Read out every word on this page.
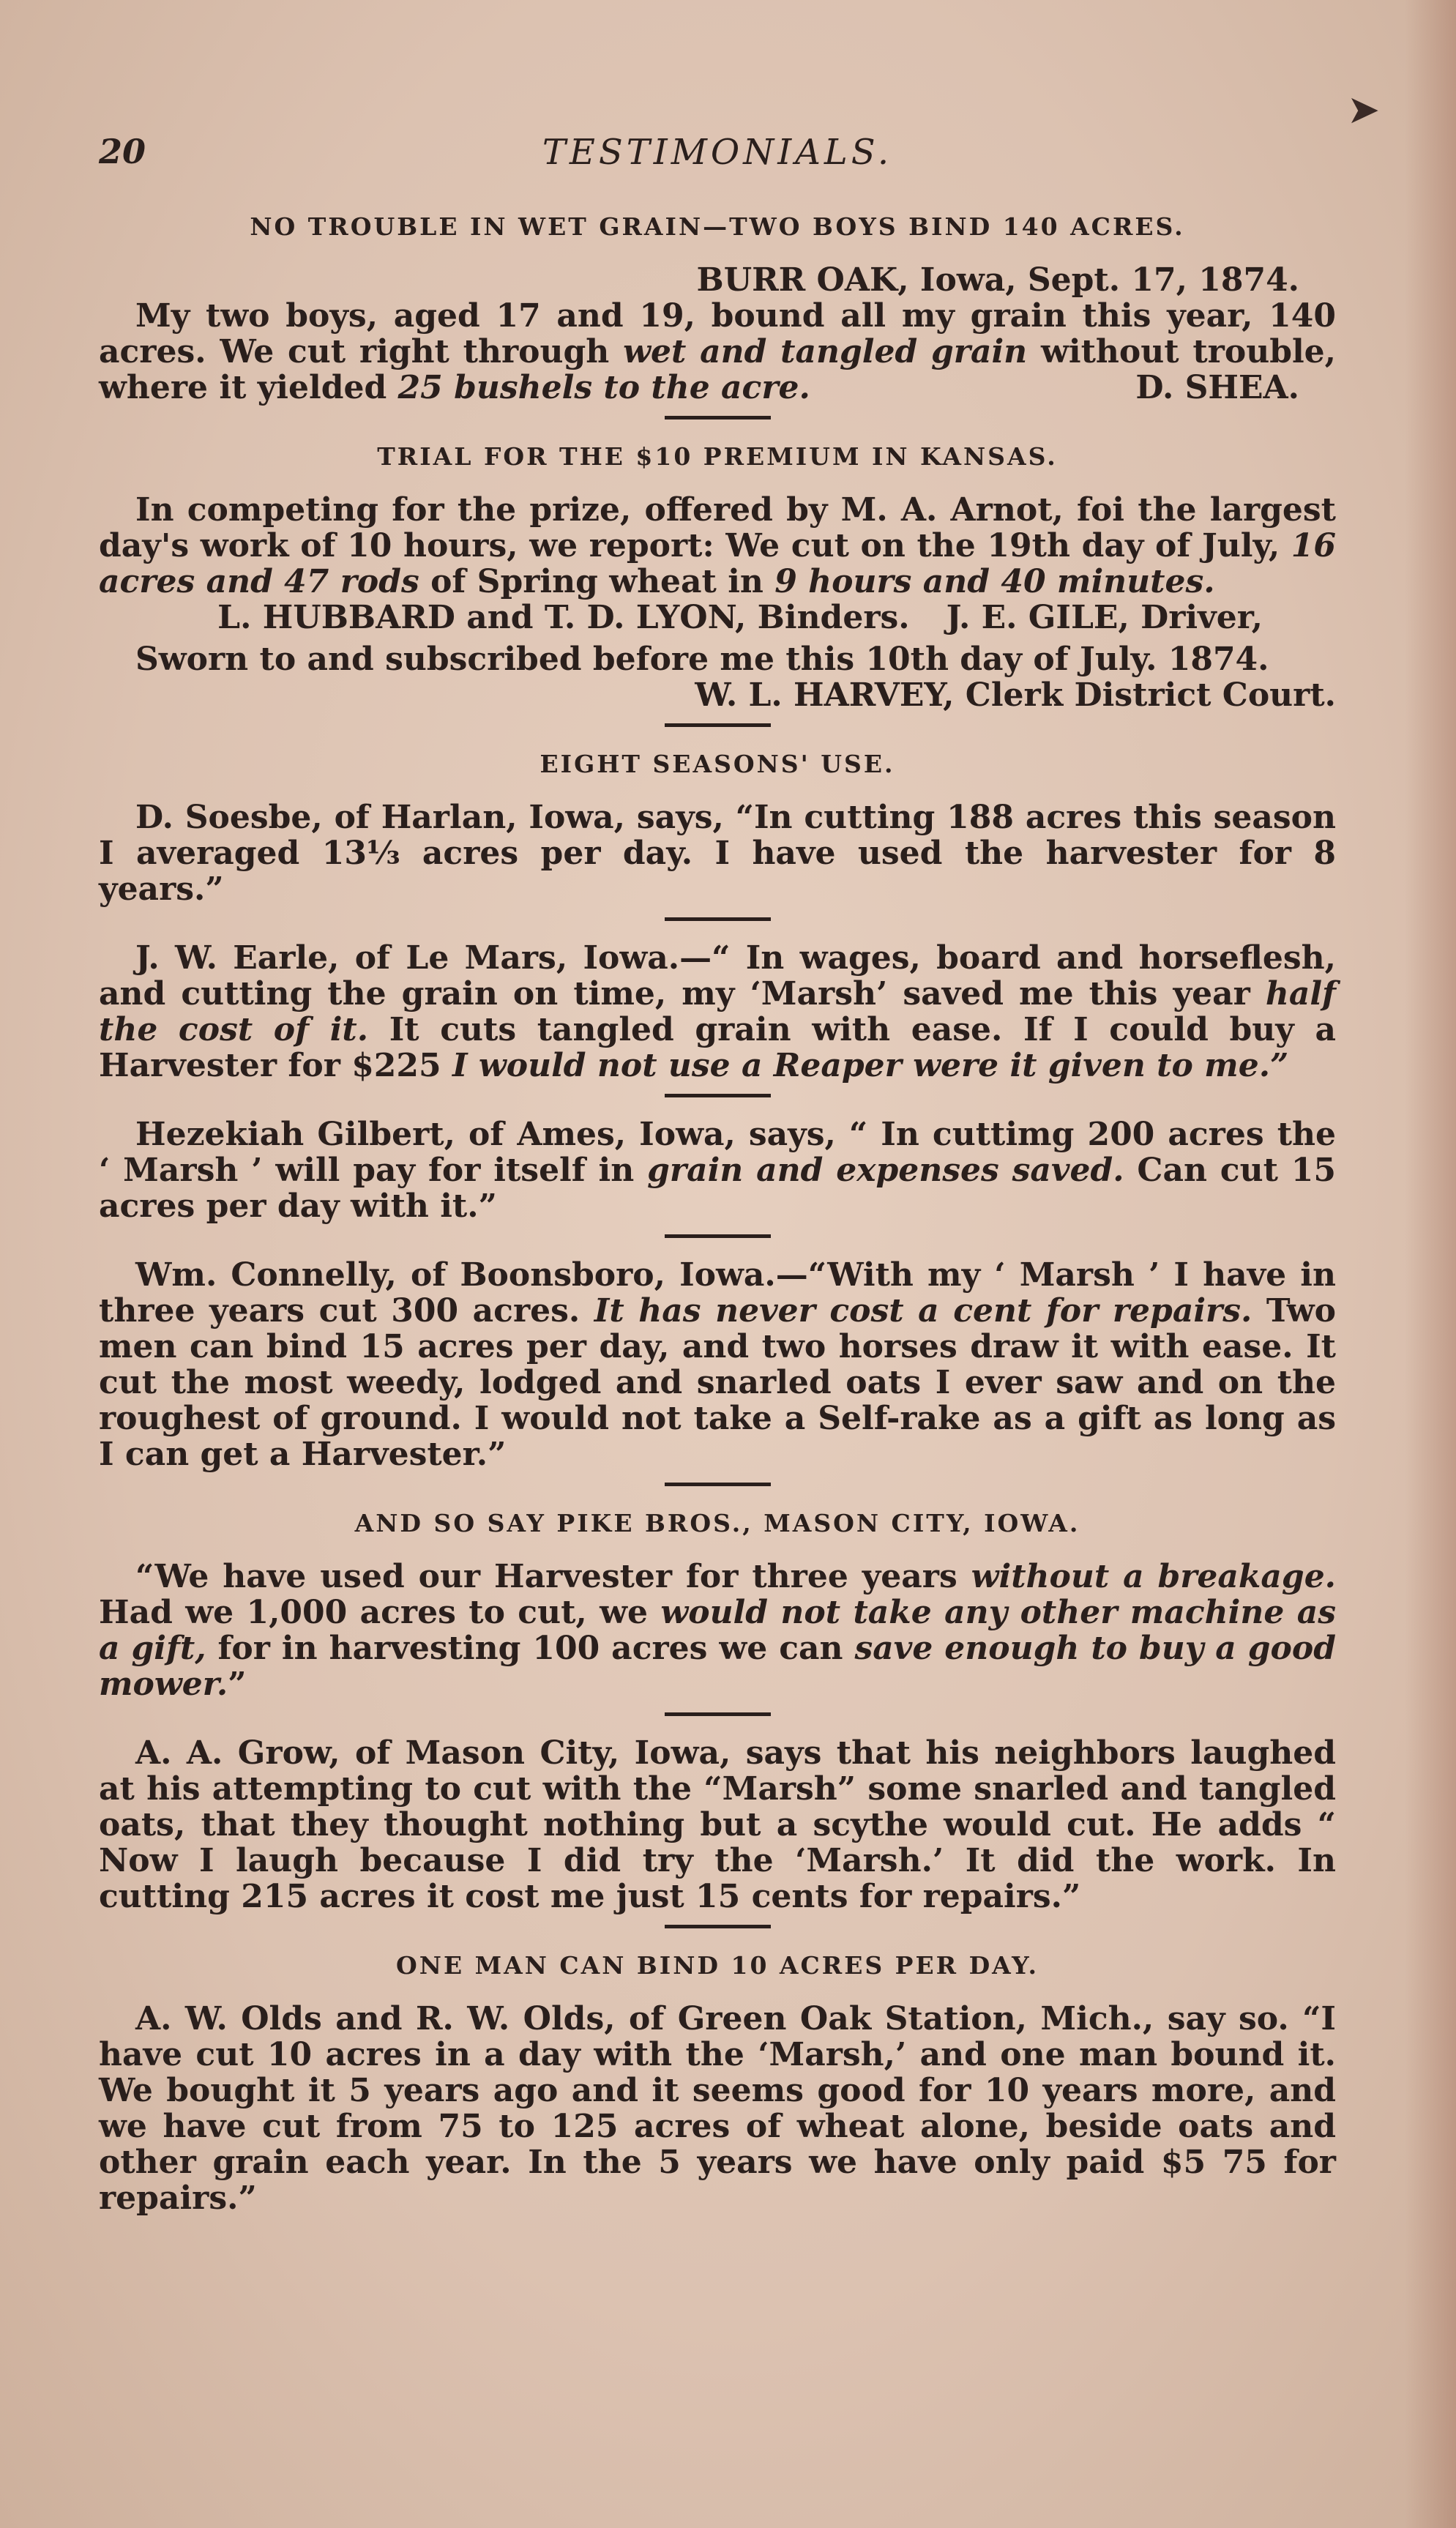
➤
20	TESTIMONIALS.
NO TROUBLE IN WET GRAIN—TWO BOYS BIND 140 ACRES.

BURR OAK, Iowa, Sept. 17, 1874.

My two boys, aged 17 and 19, bound all my grain this year, 140 acres. We cut right through wet and tangled grain without trouble, where it yielded 25 bushels to the acre.	D. SHEA.

TRIAL FOR THE $10 PREMIUM IN KANSAS.

In competing for the prize, offered by M. A. Arnot, foi the largest day's work of 10 hours, we report: We cut on the 19th day of July, 16 acres and 47 rods of Spring wheat in 9 hours and 40 minutes.
J. E. GILE, Driver,

L. HUBBARD and T. D. LYON, Binders.

Sworn to and subscribed before me this 10th day of July. 1874.

W. L. HARVEY, Clerk District Court.

EIGHT SEASONS' USE.

D. Soesbe, of Harlan, Iowa, says, “In cutting 188 acres this season I averaged 13⅓ acres per day. I have used the harvester for 8 years.”

J. W. Earle, of Le Mars, Iowa.—“ In wages, board and horseflesh, and cutting the grain on time, my ‘Marsh’ saved me this year half the cost of it. It cuts tangled grain with ease. If I could buy a Harvester for $225 I would not use a Reaper were it given to me.”

Hezekiah Gilbert, of Ames, Iowa, says, “ In cuttimg 200 acres the ‘ Marsh ’ will pay for itself in grain and expenses saved. Can cut 15 acres per day with it.”

Wm. Connelly, of Boonsboro, Iowa.—“With my ‘ Marsh ’ I have in three years cut 300 acres. It has never cost a cent for repairs. Two men can bind 15 acres per day, and two horses draw it with ease. It cut the most weedy, lodged and snarled oats I ever saw and on the roughest of ground. I would not take a Self-rake as a gift as long as I can get a Harvester.”

AND SO SAY PIKE BROS., MASON CITY, IOWA.

“We have used our Harvester for three years without a breakage. Had we 1,000 acres to cut, we would not take any other machine as a gift, for in harvesting 100 acres we can save enough to buy a good mower.”

A. A. Grow, of Mason City, Iowa, says that his neighbors laughed at his attempting to cut with the “Marsh” some snarled and tangled oats, that they thought nothing but a scythe would cut. He adds “ Now I laugh because I did try the ‘Marsh.’ It did the work. In cutting 215 acres it cost me just 15 cents for repairs.”

ONE MAN CAN BIND 10 ACRES PER DAY.

A. W. Olds and R. W. Olds, of Green Oak Station, Mich., say so. “I have cut 10 acres in a day with the ‘Marsh,’ and one man bound it. We bought it 5 years ago and it seems good for 10 years more, and we have cut from 75 to 125 acres of wheat alone, beside oats and other grain each year. In the 5 years we have only paid $5 75 for repairs.”
